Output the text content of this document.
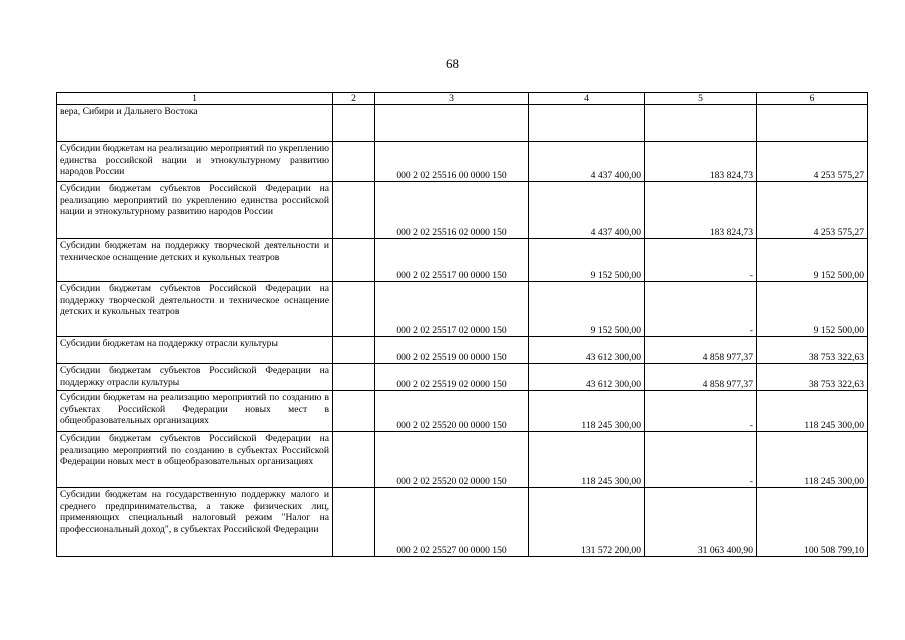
68
1	2	3	4	5	6
вера, Сибири и Дальнего Востока					
Субсидии бюджетам на реализацию мероприятий по укреплению единства российской нации и этнокультурному развитию народов России		000 2 02 25516 00 0000 150	4 437 400,00	183 824,73	4 253 575,27
Субсидии бюджетам субъектов Российской Федерации на реализацию мероприятий по укреплению единства российской нации и этнокультурному развитию народов России		000 2 02 25516 02 0000 150	4 437 400,00	183 824,73	4 253 575,27
Субсидии бюджетам на поддержку творческой деятельности и техническое оснащение детских и кукольных театров		000 2 02 25517 00 0000 150	9 152 500,00	-	9 152 500,00
Субсидии бюджетам субъектов Российской Федерации на поддержку творческой деятельности и техническое оснащение детских и кукольных театров		000 2 02 25517 02 0000 150	9 152 500,00	-	9 152 500,00
Субсидии бюджетам на поддержку отрасли культуры		000 2 02 25519 00 0000 150	43 612 300,00	4 858 977,37	38 753 322,63
Субсидии бюджетам субъектов Российской Федерации на поддержку отрасли культуры		000 2 02 25519 02 0000 150	43 612 300,00	4 858 977,37	38 753 322,63
Субсидии бюджетам на реализацию мероприятий по созданию в субъектах Российской Федерации новых мест в общеобразовательных организациях		000 2 02 25520 00 0000 150	118 245 300,00	-	118 245 300,00
Субсидии бюджетам субъектов Российской Федерации на реализацию мероприятий по созданию в субъектах Российской Федерации новых мест в общеобразовательных организациях		000 2 02 25520 02 0000 150	118 245 300,00	-	118 245 300,00
Субсидии бюджетам на государственную поддержку малого и среднего предпринимательства, а также физических лиц, применяющих специальный налоговый режим "Налог на профессиональный доход", в субъектах Российской Федерации		000 2 02 25527 00 0000 150	131 572 200,00	31 063 400,90	100 508 799,10
